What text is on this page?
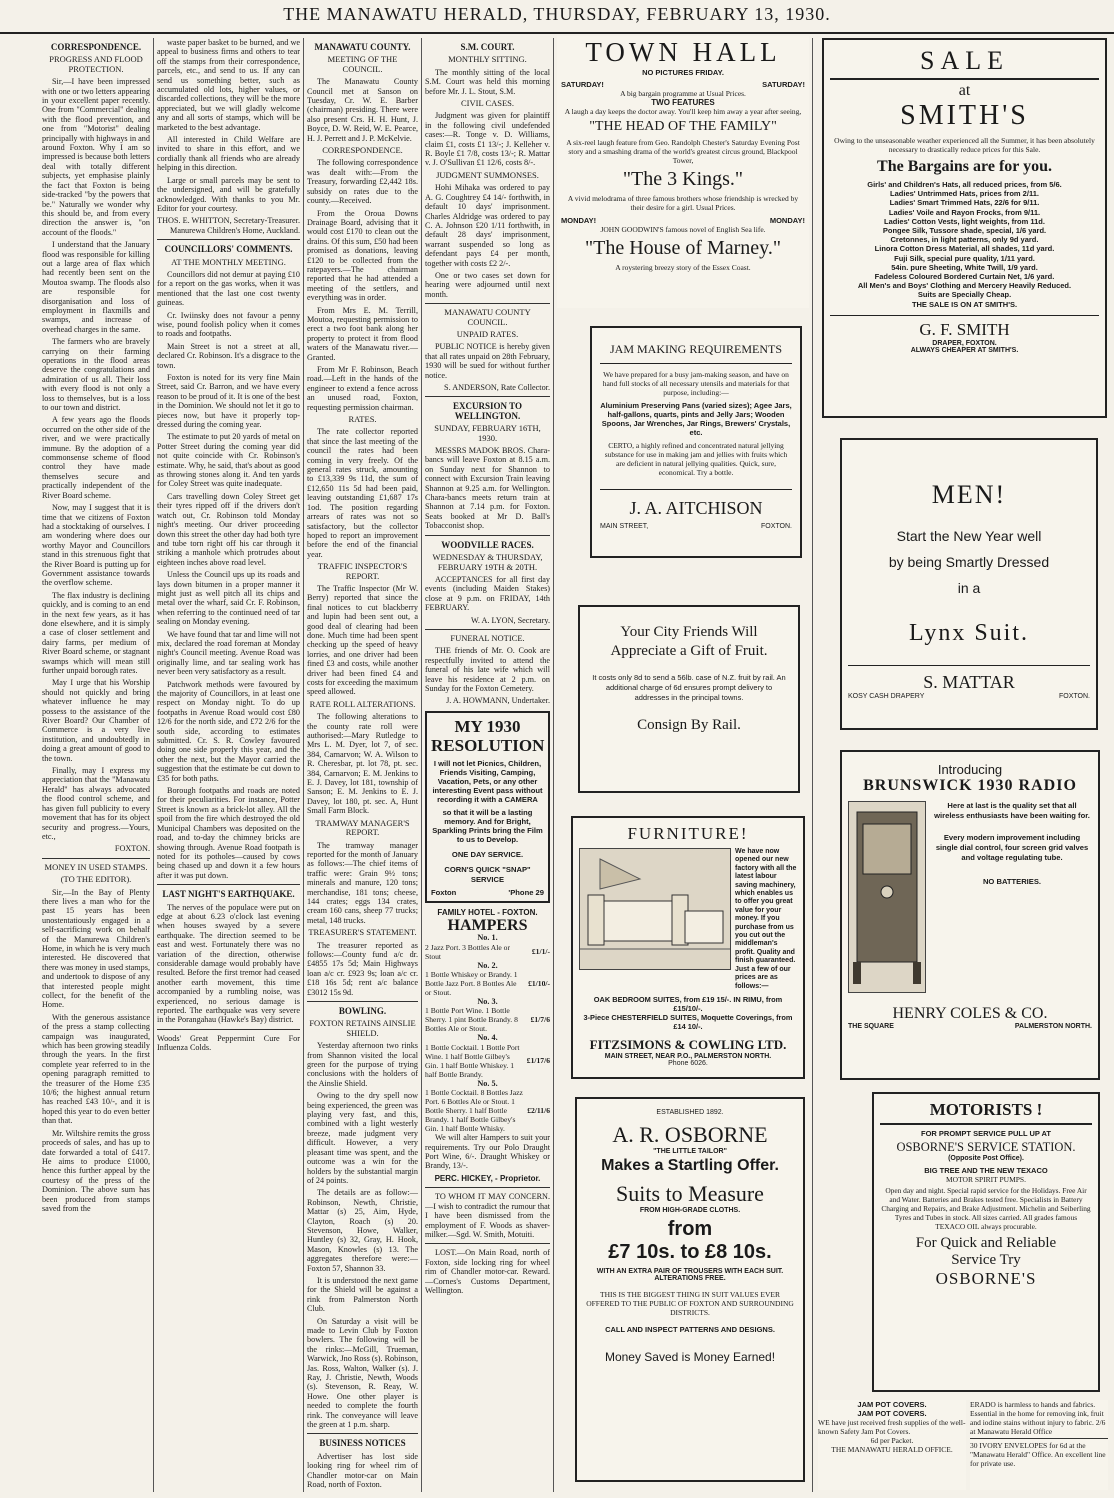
THE MANAWATU HERALD, THURSDAY, FEBRUARY 13, 1930.
CORRESPONDENCE.
PROGRESS AND FLOOD PROTECTION.

Sir,—I have been impressed with one or two letters appearing in your excellent paper recently. One from "Commercial" dealing with the flood prevention, and one from "Motorist" dealing principally with highways in and around Foxton. Why I am so impressed is because both letters deal with totally different subjects, yet emphasise plainly the fact that Foxton is being side-tracked "by the powers that be." Naturally we wonder why this should be, and from every direction the answer is, "on account of the floods."

I understand that the January flood was responsible for killing out a large area of flax which had recently been sent on the Moutoa swamp. The floods also are responsible for disorganisation and loss of employment in flaxmills and swamps, and increase of overhead charges in the same.

The farmers who are bravely carrying on their farming operations in the flood areas deserve the congratulations and admiration of us all. Their loss with every flood is not only a loss to themselves, but is a loss to our town and district.

A few years ago the floods occurred on the other side of the river, and we were practically immune. By the adoption of a commonsense scheme of flood control they have made themselves secure and practically independent of the River Board scheme.

Now, may I suggest that it is time that we citizens of Foxton had a stocktaking of ourselves. I am wondering where does our worthy Mayor and Councillors stand in this strenuous fight that the River Board is putting up for Government assistance towards the overflow scheme.

The flax industry is declining quickly, and is coming to an end in the next few years, as it has done elsewhere, and it is simply a case of closer settlement and dairy farms, per medium of River Board scheme, or stagnant swamps which will mean still further unpaid borough rates.

May I urge that his Worship should not quickly and bring whatever influence he may possess to the assistance of the River Board? Our Chamber of Commerce is a very live institution, and undoubtedly in doing a great amount of good to the town.

Finally, may I express my appreciation that the "Manawatu Herald" has always advocated the flood control scheme, and has given full publicity to every movement that has for its object security and progress.—Yours, etc.,

FOXTON.
MONEY IN USED STAMPS.
(TO THE EDITOR).

Sir,—In the Bay of Plenty there lives a man who for the past 15 years has been unostentatiously engaged in a self-sacrificing work on behalf of the Manurewa Children's Home, in which he is very much interested. He discovered that there was money in used stamps, and undertook to dispose of any that interested people might collect, for the benefit of the Home.

With the generous assistance of the press a stamp collecting campaign was inaugurated, which has been growing steadily through the years. In the first complete year referred to in the opening paragraph remitted to the treasurer of the Home £35 10/6; the highest annual return has reached £43 10/-, and it is hoped this year to do even better than that.

Mr. Wiltshire remits the gross proceeds of sales, and has up to date forwarded a total of £417. He aims to produce £1000, hence this further appeal by the courtesy of the press of the Dominion. The above sum has been produced from stamps saved from the

waste paper basket to be burned, and we appeal to business firms and others to tear off the stamps from their correspondence, parcels, etc., and send to us. If any can send us something better, such as accumulated old lots, higher values, or discarded collections, they will be the more appreciated, but we will gladly welcome any and all sorts of stamps, which will be marketed to the best advantage.

All interested in Child Welfare are invited to share in this effort, and we cordially thank all friends who are already helping in this direction.

Large or small parcels may be sent to the undersigned, and will be gratefully acknowledged. With thanks to you Mr. Editor for your courtesy.

THOS. E. WHITTON, Secretary-Treasurer. Manurewa Children's Home, Auckland.
COUNCILLORS' COMMENTS.
AT THE MONTHLY MEETING.

Councillors did not demur at paying £10 for a report on the gas works, when it was mentioned that the last one cost twenty guineas.

Cr. Iwiinsky does not favour a penny wise, pound foolish policy when it comes to roads and footpaths.

Main Street is not a street at all, declared Cr. Robinson. It's a disgrace to the town.

Foxton is noted for its very fine Main Street, said Cr. Barron, and we have every reason to be proud of it. It is one of the best in the Dominion. We should not let it go to pieces now, but have it properly top-dressed during the coming year.

The estimate to put 20 yards of metal on Potter Street during the coming year did not quite coincide with Cr. Robinson's estimate. Why, he said, that's about as good as throwing stones along it. And ten yards for Coley Street was quite inadequate.

Cars travelling down Coley Street get their tyres ripped off if the drivers don't watch out, Cr. Robinson told Monday night's meeting. Our driver proceeding down this street the other day had both tyre and tube torn right off his car through it striking a manhole which protrudes about eighteen inches above road level.

Unless the Council ups up its roads and lays down bitumen in a proper manner it might just as well pitch all its chips and metal over the wharf, said Cr. F. Robinson, when referring to the continued need of tar sealing on Monday evening.

We have found that tar and lime will not mix, declared the road foreman at Monday night's Council meeting. Avenue Road was originally lime, and tar sealing work has never been very satisfactory as a result.

Patchwork methods were favoured by the majority of Councillors, in at least one respect on Monday night. To do up footpaths in Avenue Road would cost £80 12/6 for the north side, and £72 2/6 for the south side, according to estimates submitted. Cr. S. R. Cowley favoured doing one side properly this year, and the other the next, but the Mayor carried the suggestion that the estimate be cut down to £35 for both paths.

Borough footpaths and roads are noted for their peculiarities. For instance, Potter Street is known as a brick-lot alley. All the spoil from the fire which destroyed the old Municipal Chambers was deposited on the road, and to-day the chimney bricks are showing through. Avenue Road footpath is noted for its potholes—caused by cows being chased up and down it a few hours after it was put down.

LAST NIGHT'S EARTHQUAKE.

The nerves of the populace were put on edge at about 6.23 o'clock last evening when houses swayed by a severe earthquake. The direction seemed to be east and west. Fortunately there was no variation of the direction, otherwise considerable damage would probably have resulted. Before the first tremor had ceased another earth movement, this time accompanied by a rumbling noise, was experienced, no serious damage is reported. The earthquake was very severe in the Porangahau (Hawke's Bay) district.

Woods' Great Peppermint Cure For Influenza Colds.
MANAWATU COUNTY.
MEETING OF THE COUNCIL.

The Manawatu County Council met at Sanson on Tuesday, Cr. W. E. Barber (chairman) presiding. There were also present Crs. H. H. Hunt, J. Boyce, D. W. Reid, W. E. Pearce, H. J. Perrett and J. P. McKelvie.

CORRESPONDENCE.

The following correspondence was dealt with:—From the Treasury, forwarding £2,442 18s. subsidy on rates due to the county.—Received.

From the Oroua Downs Drainage Board, advising that it would cost £170 to clean out the drains. Of this sum, £50 had been promised as donations, leaving £120 to be collected from the ratepayers.—The chairman reported that he had attended a meeting of the settlers, and everything was in order.

From Mrs E. M. Terrill, Moutoa, requesting permission to erect a two foot bank along her property to protect it from flood waters of the Manawatu river.—Granted.

From Mr F. Robinson, Beach road.—Left in the hands of the engineer to extend a fence across an unused road, Foxton, requesting permission chairman.

RATES.

The rate collector reported that since the last meeting of the council the rates had been coming in very freely. Of the general rates struck, amounting to £13,339 9s 11d, the sum of £12,650 11s 5d had been paid, leaving outstanding £1,687 17s 1od. The position regarding arrears of rates was not so satisfactory, but the collector hoped to report an improvement before the end of the financial year.

TRAFFIC INSPECTOR'S REPORT.

The Traffic Inspector (Mr W. Berry) reported that since the final notices to cut blackberry and lupin had been sent out, a good deal of clearing had been done. Much time had been spent checking up the speed of heavy lorries, and one driver had been fined £3 and costs, while another driver had been fined £4 and costs for exceeding the maximum speed allowed.

RATE ROLL ALTERATIONS.

The following alterations to the county rate roll were authorised:—Mary Rutledge to Mrs L. M. Dyer, lot 7, of sec. 384, Carnarvon; W. A. Wilson to R. Cheresbar, pt. lot 78, pt. sec. 384, Carnarvon; E. M. Jenkins to E. J. Davey, lot 181, township of Sanson; E. M. Jenkins to E. J. Davey, lot 180, pt. sec. A, Hunt Small Farm Block.

TRAMWAY MANAGER'S REPORT.

The tramway manager reported for the month of January as follows:—The chief items of traffic were: Grain 9½ tons; minerals and manure, 120 tons; merchandise, 181 tons; cheese, 144 crates; eggs 134 crates, cream 160 cans, sheep 77 trucks; metal, 148 trucks.

TREASURER'S STATEMENT.

The treasurer reported as follows:—County fund a/c dr.£4855 17s 5d; Main Highways loan a/c cr. £923 9s; loan a/c cr. £18 16s 5d; rent a/c balance £3012 15s 9d.

BOWLING.
FOXTON RETAINS AINSLIE SHIELD.

Yesterday afternoon two rinks from Shannon visited the local green for the purpose of trying conclusions with the holders of the Ainslie Shield.

Owing to the dry spell now being experienced, the green was playing very fast, and this, combined with a light westerly breeze, made judgment very difficult. However, a very pleasant time was spent, and the outcome was a win for the holders by the substantial margin of 24 points.

The details are as follow:—Robinson, Newth, Christie, Mattar (s) 25, Aim, Hyde, Clayton, Roach (s) 20. Stevenson, Howe, Walker, Huntley (s) 32, Gray, H. Hook, Mason, Knowles (s) 13. The aggregates therefore were:—Foxton 57, Shannon 33.

It is understood the next game for the Shield will be against a rink from Palmerston North Club.

On Saturday a visit will be made to Levin Club by Foxton bowlers. The following will be the rinks:—McGill, Trueman, Warwick, Jno Ross (s). Robinson, Jas. Ross, Walton, Walker (s). J. Ray, J. Christie, Newth, Woods (s). Stevenson, R. Reay, W. Howe. One other player is needed to complete the fourth rink. The conveyance will leave the green at 1 p.m. sharp.

BUSINESS NOTICES

Advertiser has lost side looking ring for wheel rim of Chandler motor-car on Main Road, north of Foxton.

S.M. COURT.
MONTHLY SITTING.

The monthly sitting of the local S.M. Court was held this morning before Mr. J. L. Stout, S.M.

CIVIL CASES.

Judgment was given for plaintiff in the following civil undefended cases:—R. Tonge v. D. Williams, claim £1, costs £1 13/-; J. Kelleher v. R. Boyle £1 7/8, costs 13/-; R. Mattar v. J. O'Sullivan £1 12/6, costs 8/-.

JUDGMENT SUMMONSES.

Hohi Mihaka was ordered to pay A. G. Coughtrey £4 14/- forthwith, in default 10 days' imprisonment. Charles Aldridge was ordered to pay C. A. Johnson £20 1/11 forthwith, in default 28 days' imprisonment, warrant suspended so long as defendant pays £4 per month, together with costs £2 2/-.

One or two cases set down for hearing were adjourned until next month.

MANAWATU COUNTY COUNCIL.
UNPAID RATES.

PUBLIC NOTICE is hereby given that all rates unpaid on 28th February, 1930 will be sued for without further notice.

S. ANDERSON, Rate Collector.
EXCURSION TO WELLINGTON.
SUNDAY, FEBRUARY 16TH, 1930.

MESSRS MADOK BROS. Chara-bancs will leave Foxton at 8.15 a.m. on Sunday next for Shannon to connect with Excursion Train leaving Shannon at 9.25 a.m. for Wellington. Chara-bancs meets return train at Shannon at 7.14 p.m. for Foxton. Seats booked at Mr D. Ball's Tobacconist shop.

WOODVILLE RACES.
WEDNESDAY & THURSDAY, FEBRUARY 19TH & 20TH.

ACCEPTANCES for all first day events (including Maiden Stakes) close at 9 p.m. on FRIDAY, 14th FEBRUARY.

W. A. LYON, Secretary.
FUNERAL NOTICE.

THE friends of Mr. O. Cook are respectfully invited to attend the funeral of his late wife which will leave his residence at 2 p.m. on Sunday for the Foxton Cemetery.

J. A. HOWMANN, Undertaker.
MY 1930
RESOLUTION
I will not let Picnics, Children, Friends Visiting, Camping, Vacation, Pets, or any other interesting Event pass without recording it with a CAMERA
so that it will be a lasting memory. And for Bright, Sparkling Prints bring the Film to us to Develop.
ONE DAY SERVICE.
CORN'S QUICK "SNAP" SERVICE
Foxton	'Phone 29
FAMILY HOTEL - FOXTON.
HAMPERS
No. 1.
2 Jazz Port. 3 Bottles Ale or Stout	£1/1/-
No. 2.
1 Bottle Whiskey or Brandy. 1 Bottle Jazz Port. 8 Bottles Ale or Stout.
£1/10/-
No. 3.
1 Bottle Port Wine. 1 Bottle Sherry. 1 pint Bottle Brandy. 8 Bottles Ale or Stout.
£1/7/6
No. 4.
1 Bottle Cocktail. 1 Bottle Port Wine. 1 half Bottle Gilbey's Gin. 1 half Bottle Whiskey. 1 half Bottle Brandy.
£1/17/6
No. 5.
1 Bottle Cocktail. 8 Bottles Jazz Port. 6 Bottles Ale or Stout. 1 Bottle Sherry. 1 half Bottle Brandy. 1 half Bottle Gilbey's Gin. 1 half Bottle Whisky.
£2/11/6

We will alter Hampers to suit your requirements. Try our Polo Draught Port Wine, 6/-. Draught Whiskey or Brandy, 13/-.

PERC. HICKEY, - Proprietor.

TO WHOM IT MAY CONCERN.—I wish to contradict the rumour that I have been dismissed from the employment of F. Woods as shaver-milker.—Sgd. W. Smith, Motuiti.

LOST.—On Main Road, north of Foxton, side locking ring for wheel rim of Chandler motor-car. Reward.—Cornes's Customs Department, Wellington.

TOWN HALL
NO PICTURES FRIDAY.
SATURDAY!	SATURDAY!
A big bargain programme at Usual Prices.
TWO FEATURES
A laugh a day keeps the doctor away. You'll keep him away a year after seeing,
"THE HEAD OF THE FAMILY"
A six-reel laugh feature from Geo. Randolph Chester's Saturday Evening Post story and a smashing drama of the world's greatest circus ground, Blackpool Tower,
"The 3 Kings."
A vivid melodrama of three famous brothers whose friendship is wrecked by their desire for a girl. Usual Prices.
MONDAY!	MONDAY!
JOHN GOODWIN'S famous novel of English Sea life.
"The House of Marney."
A roystering breezy story of the Essex Coast.
JAM MAKING REQUIREMENTS
We have prepared for a busy jam-making season, and have on hand full stocks of all necessary utensils and materials for that purpose, including:—
Aluminium Preserving Pans (varied sizes); Agee Jars, half-gallons, quarts, pints and Jelly Jars; Wooden Spoons, Jar Wrenches, Jar Rings, Brewers' Crystals, etc.
CERTO, a highly refined and concentrated natural jellying substance for use in making jam and jellies with fruits which are deficient in natural jellying qualities. Quick, sure, economical. Try a bottle.
J. A. AITCHISON
MAIN STREET,	FOXTON.
Your City Friends Will Appreciate a Gift of Fruit.
It costs only 8d to send a 56lb. case of N.Z. fruit by rail. An additional charge of 6d ensures prompt delivery to addresses in the principal towns.
Consign By Rail.
FURNITURE!
We have now opened our new factory with all the latest labour saving machinery, which enables us to offer you great value for your money. If you purchase from us you cut out the middleman's profit. Quality and finish guaranteed. Just a few of our prices are as follows:—
OAK BEDROOM SUITES, from £19 15/-. IN RIMU, from £15/10/-.
3-Piece CHESTERFIELD SUITES, Moquette Coverings, from £14 10/-.
FITZSIMONS & COWLING LTD.
MAIN STREET, NEAR P.O., PALMERSTON NORTH.
Phone 6026.
ESTABLISHED 1892.
A. R. OSBORNE
"THE LITTLE TAILOR"
Makes a Startling Offer.
Suits to Measure
FROM HIGH-GRADE CLOTHS.
from
£7 10s. to £8 10s.
WITH AN EXTRA PAIR OF TROUSERS WITH EACH SUIT.
ALTERATIONS FREE.
THIS IS THE BIGGEST THING IN SUIT VALUES EVER OFFERED TO THE PUBLIC OF FOXTON AND SURROUNDING DISTRICTS.
CALL AND INSPECT PATTERNS AND DESIGNS.
Money Saved is Money Earned!
SALE
at
SMITH'S
Owing to the unseasonable weather experienced all the Summer, it has been absolutely necessary to drastically reduce prices for this Sale.
The Bargains are for you.
Girls' and Children's Hats, all reduced prices, from 5/6.
Ladies' Untrimmed Hats, prices from 2/11.
Ladies' Smart Trimmed Hats, 22/6 for 9/11.
Ladies' Voile and Rayon Frocks, from 9/11.
Ladies' Cotton Vests, light weights, from 11d.
Pongee Silk, Tussore shade, special, 1/6 yard.
Cretonnes, in light patterns, only 9d yard.
Linora Cotton Dress Material, all shades, 11d yard.
Fuji Silk, special pure quality, 1/11 yard.
54in. pure Sheeting, White Twill, 1/9 yard.
Fadeless Coloured Bordered Curtain Net, 1/6 yard.
All Men's and Boys' Clothing and Mercery Heavily Reduced.
Suits are Specially Cheap.
THE SALE IS ON AT SMITH'S.
G. F. SMITH
DRAPER, FOXTON.
ALWAYS CHEAPER AT SMITH'S.
MEN!
Start the New Year well
by being Smartly Dressed
in a
Lynx Suit.
S. MATTAR
KOSY CASH DRAPERY	FOXTON.
Introducing
BRUNSWICK 1930 RADIO
Here at last is the quality set that all wireless enthusiasts have been waiting for.
Every modern improvement including single dial control, four screen grid valves and voltage regulating tube.
NO BATTERIES.
HENRY COLES & CO.
THE SQUARE	PALMERSTON NORTH.
MOTORISTS !
FOR PROMPT SERVICE PULL UP AT
OSBORNE'S SERVICE STATION.
(Opposite Post Office).
BIG TREE AND THE NEW TEXACO
MOTOR SPIRIT PUMPS.
Open day and night. Special rapid service for the Holidays. Free Air and Water. Batteries and Brakes tested free. Specialists in Battery Charging and Repairs, and Brake Adjustment. Michelin and Seiberling Tyres and Tubes in stock. All sizes carried. All grades famous TEXACO OIL always procurable.
For Quick and Reliable
Service Try
OSBORNE'S
JAM POT COVERS.
JAM POT COVERS.
WE have just received fresh supplies of the well-known Safety Jam Pot Covers.
6d per Packet.
THE MANAWATU HERALD OFFICE.
ERADO is harmless to hands and fabrics. Essential in the home for removing ink, fruit and iodine stains without injury to fabric. 2/6 at Manawatu Herald Office
30 IVORY ENVELOPES for 6d at the "Manawatu Herald" Office. An excellent line for private use.
